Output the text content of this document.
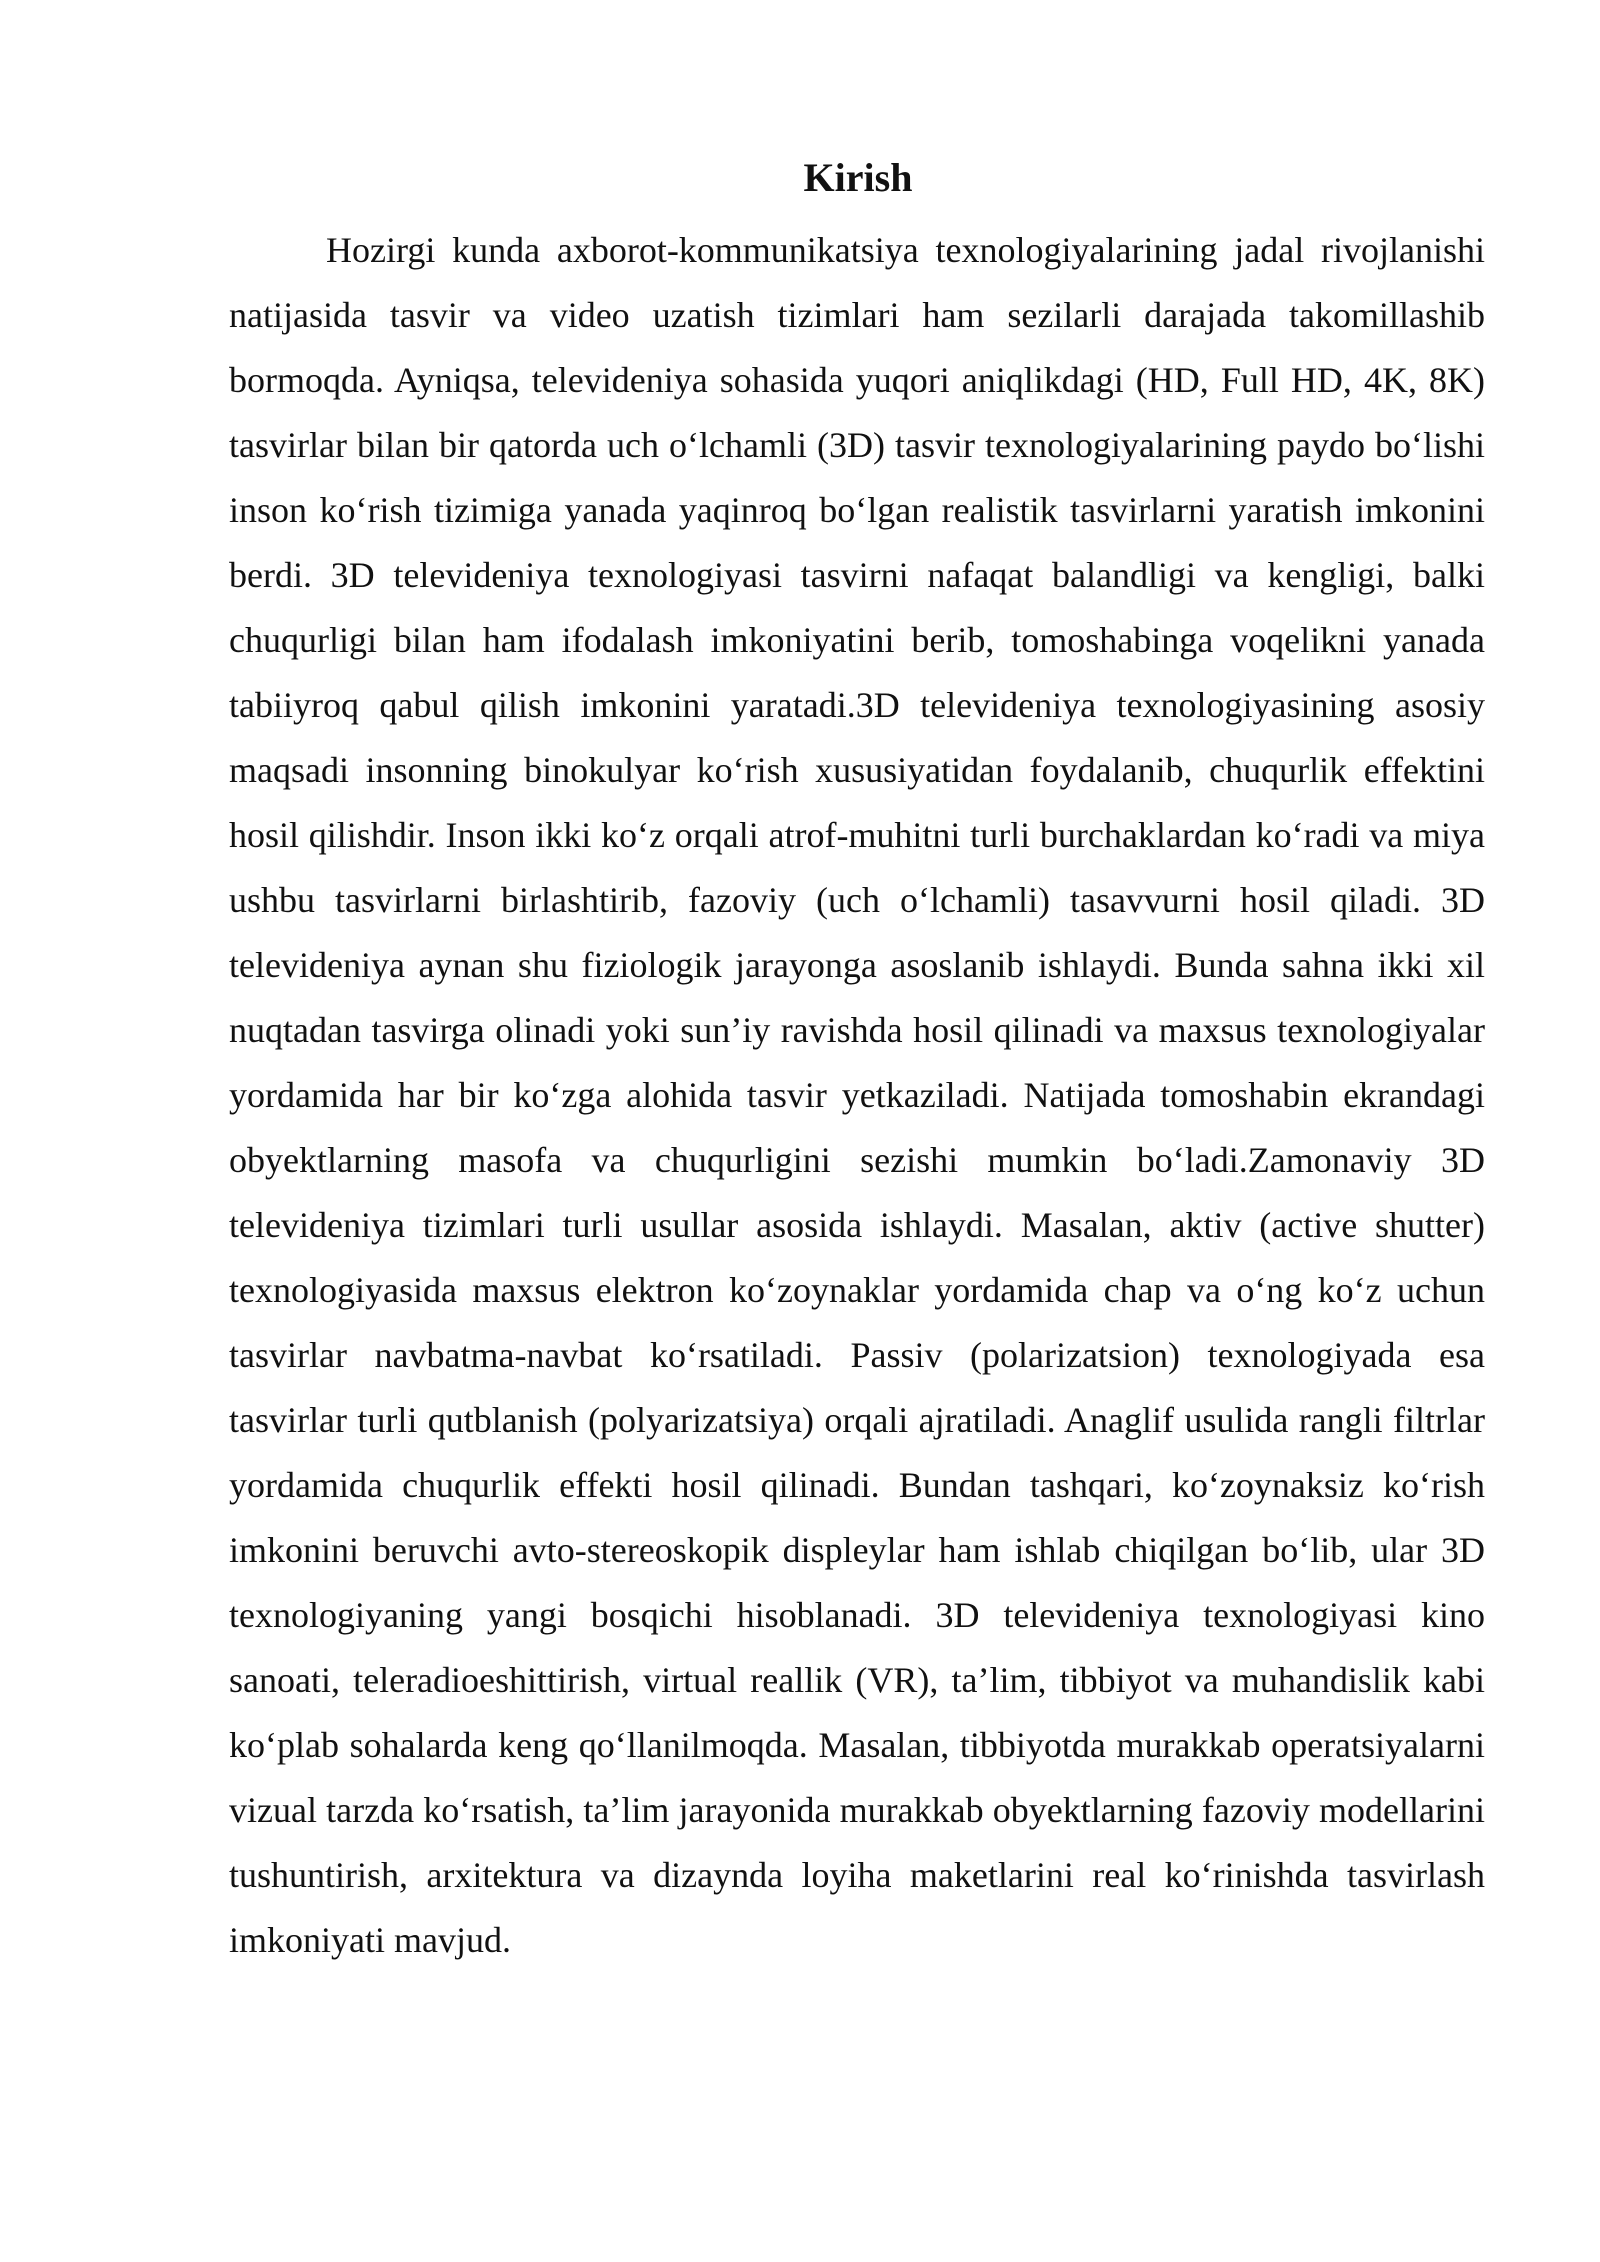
Kirish

Hozirgi kunda axborot-kommunikatsiya texnologiyalarining jadal rivojlanishi natijasida tasvir va video uzatish tizimlari ham sezilarli darajada takomillashib bormoqda. Ayniqsa, televideniya sohasida yuqori aniqlikdagi (HD, Full HD, 4K, 8K) tasvirlar bilan bir qatorda uch o‘lchamli (3D) tasvir texnologiyalarining paydo bo‘lishi inson ko‘rish tizimiga yanada yaqinroq bo‘lgan realistik tasvirlarni yaratish imkonini berdi. 3D televideniya texnologiyasi tasvirni nafaqat balandligi va kengligi, balki chuqurligi bilan ham ifodalash imkoniyatini berib, tomoshabinga voqelikni yanada tabiiyroq qabul qilish imkonini yaratadi.3D televideniya texnologiyasining asosiy maqsadi insonning binokulyar ko‘rish xususiyatidan foydalanib, chuqurlik effektini hosil qilishdir. Inson ikki ko‘z orqali atrof-muhitni turli burchaklardan ko‘radi va miya ushbu tasvirlarni birlashtirib, fazoviy (uch o‘lchamli) tasavvurni hosil qiladi. 3D televideniya aynan shu fiziologik jarayonga asoslanib ishlaydi. Bunda sahna ikki xil nuqtadan tasvirga olinadi yoki sun’iy ravishda hosil qilinadi va maxsus texnologiyalar yordamida har bir ko‘zga alohida tasvir yetkaziladi. Natijada tomoshabin ekrandagi obyektlarning masofa va chuqurligini sezishi mumkin bo‘ladi.Zamonaviy 3D televideniya tizimlari turli usullar asosida ishlaydi. Masalan, aktiv (active shutter) texnologiyasida maxsus elektron ko‘zoynaklar yordamida chap va o‘ng ko‘z uchun tasvirlar navbatma-navbat ko‘rsatiladi. Passiv (polarizatsion) texnologiyada esa tasvirlar turli qutblanish (polyarizatsiya) orqali ajratiladi. Anaglif usulida rangli filtrlar yordamida chuqurlik effekti hosil qilinadi. Bundan tashqari, ko‘zoynaksiz ko‘rish imkonini beruvchi avto-stereoskopik displeylar ham ishlab chiqilgan bo‘lib, ular 3D texnologiyaning yangi bosqichi hisoblanadi. 3D televideniya texnologiyasi kino sanoati, teleradioeshittirish, virtual reallik (VR), ta’lim, tibbiyot va muhandislik kabi ko‘plab sohalarda keng qo‘llanilmoqda. Masalan, tibbiyotda murakkab operatsiyalarni vizual tarzda ko‘rsatish, ta’lim jarayonida murakkab obyektlarning fazoviy modellarini tushuntirish, arxitektura va dizaynda loyiha maketlarini real ko‘rinishda tasvirlash imkoniyati mavjud.
